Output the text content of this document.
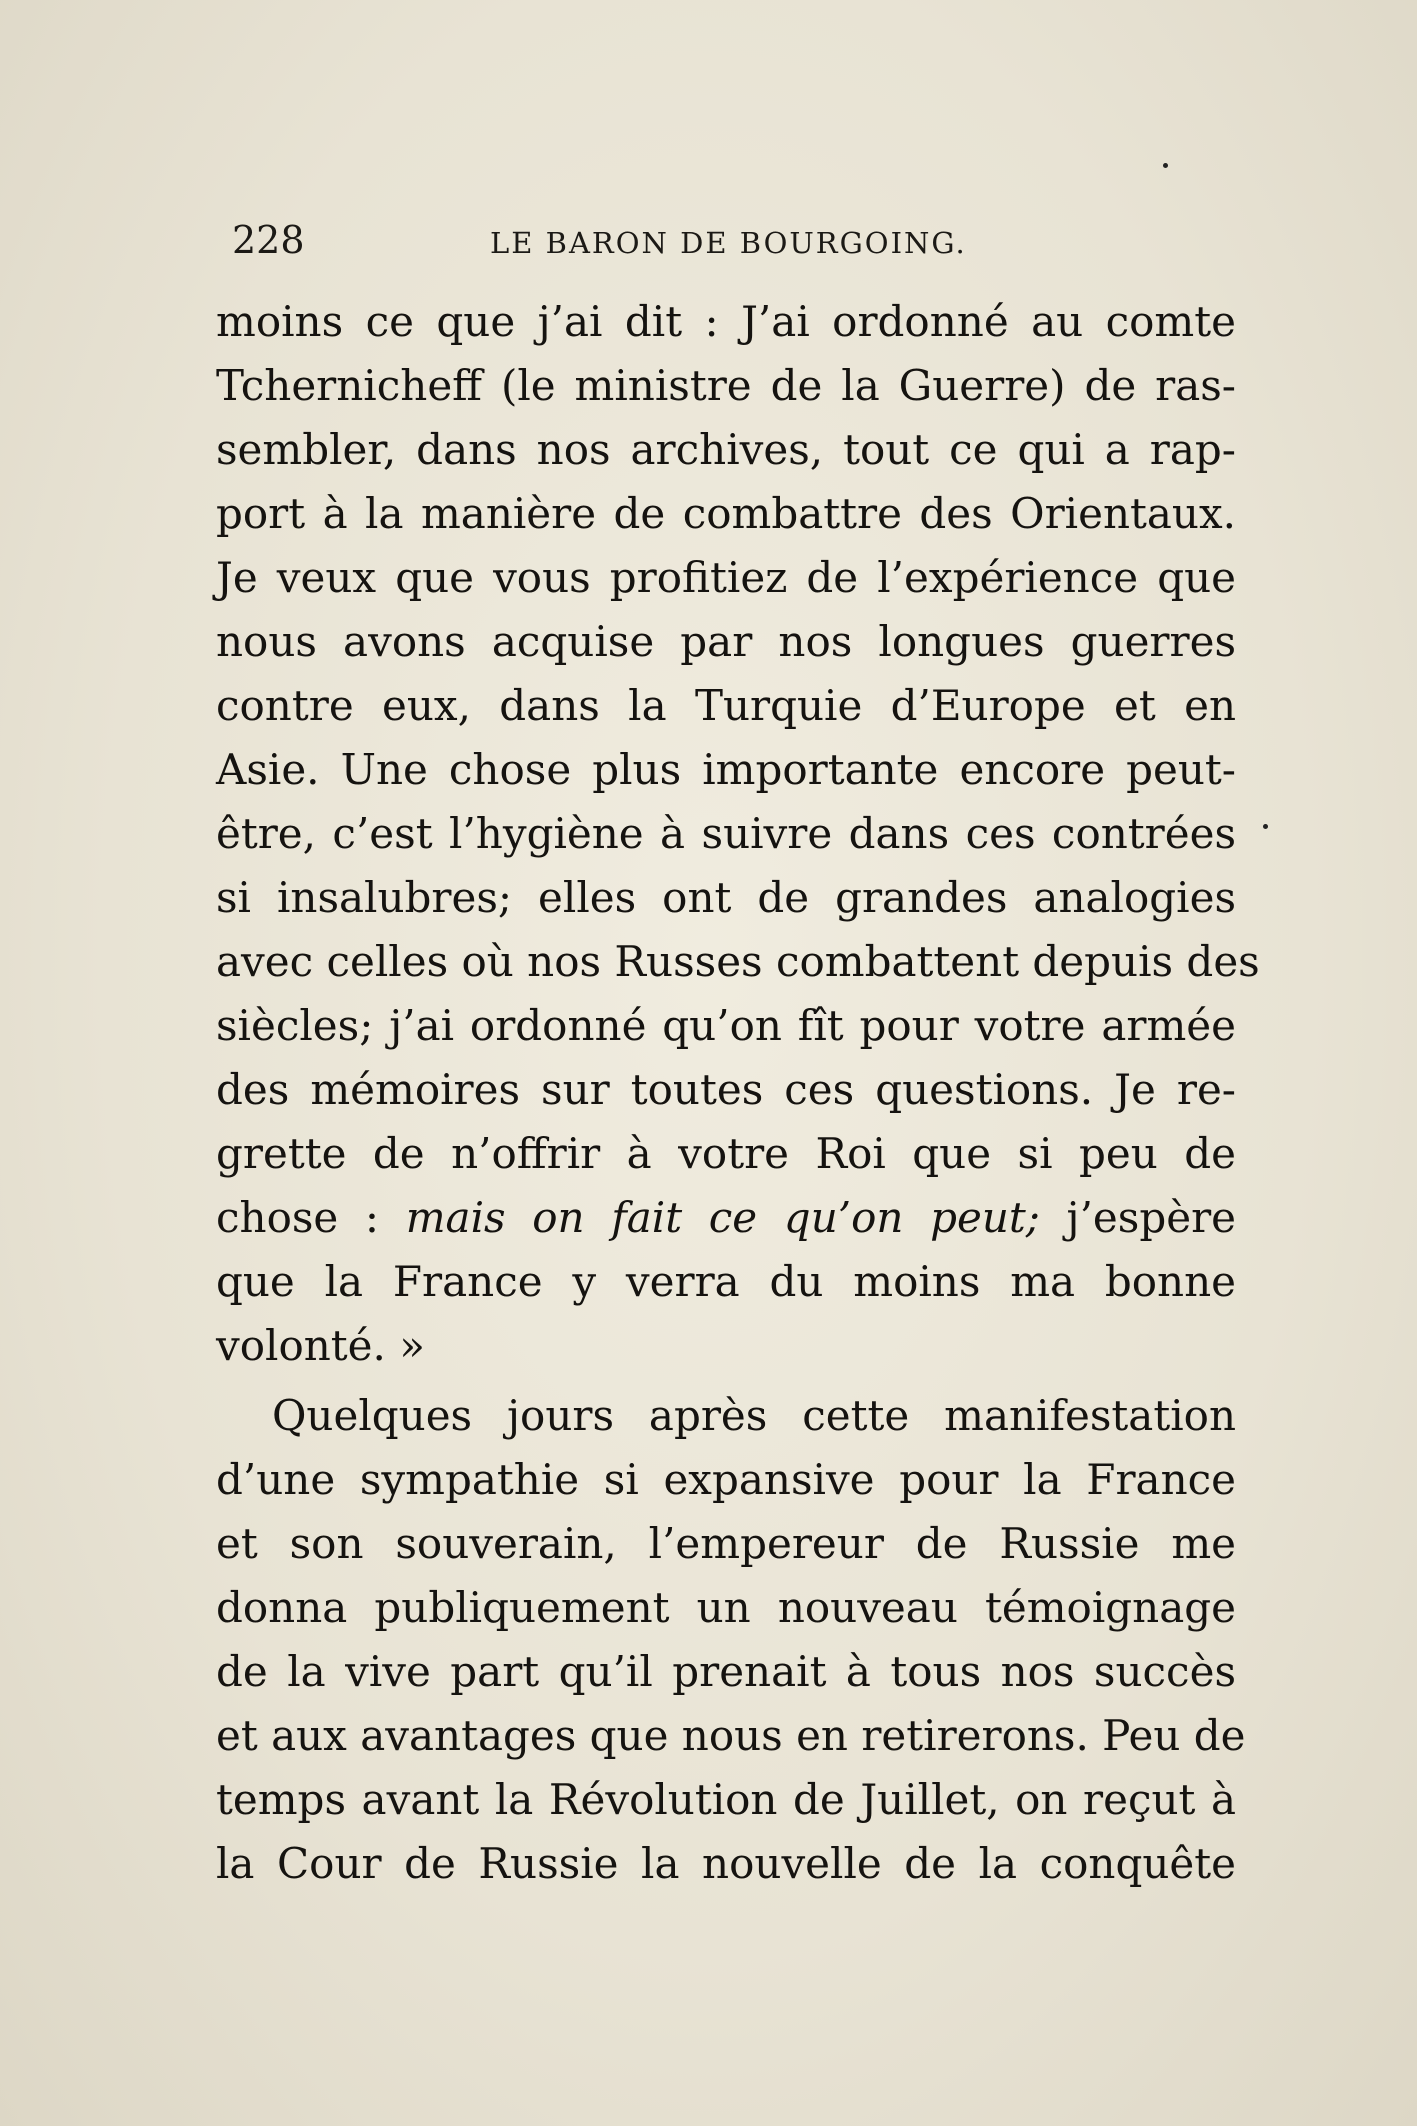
228	LE BARON DE BOURGOING.
moins ce que j’ai dit : J’ai ordonné au comte
Tchernicheff (le ministre de la Guerre) de ras-
sembler, dans nos archives, tout ce qui a rap-
port à la manière de combattre des Orientaux.
Je veux que vous profitiez de l’expérience que
nous avons acquise par nos longues guerres
contre eux, dans la Turquie d’Europe et en
Asie. Une chose plus importante encore peut-
être, c’est l’hygiène à suivre dans ces contrées
si insalubres; elles ont de grandes analogies
avec celles où nos Russes combattent depuis des
siècles; j’ai ordonné qu’on fît pour votre armée
des mémoires sur toutes ces questions. Je re-
grette de n’offrir à votre Roi que si peu de
chose : mais on fait ce qu’on peut; j’espère
que la France y verra du moins ma bonne
volonté. »
Quelques jours après cette manifestation
d’une sympathie si expansive pour la France
et son souverain, l’empereur de Russie me
donna publiquement un nouveau témoignage
de la vive part qu’il prenait à tous nos succès
et aux avantages que nous en retirerons. Peu de
temps avant la Révolution de Juillet, on reçut à
la Cour de Russie la nouvelle de la conquête
